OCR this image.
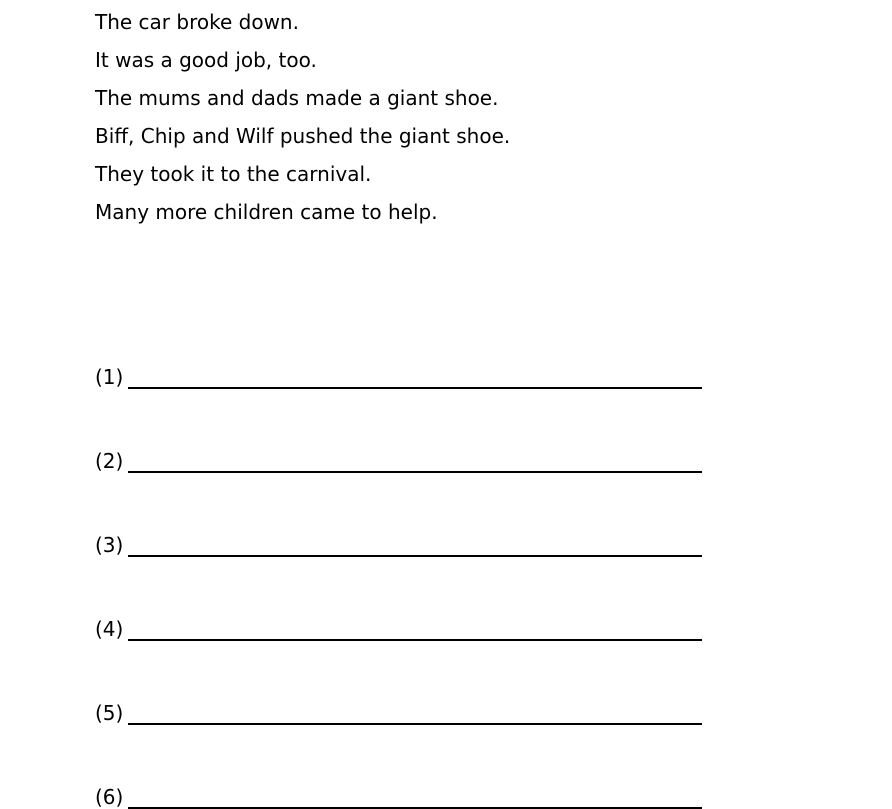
The car broke down.
It was a good job, too.
The mums and dads made a giant shoe.
Biff, Chip and Wilf pushed the giant shoe.
They took it to the carnival.
Many more children came to help.
(1)
(2)
(3)
(4)
(5)
(6)
